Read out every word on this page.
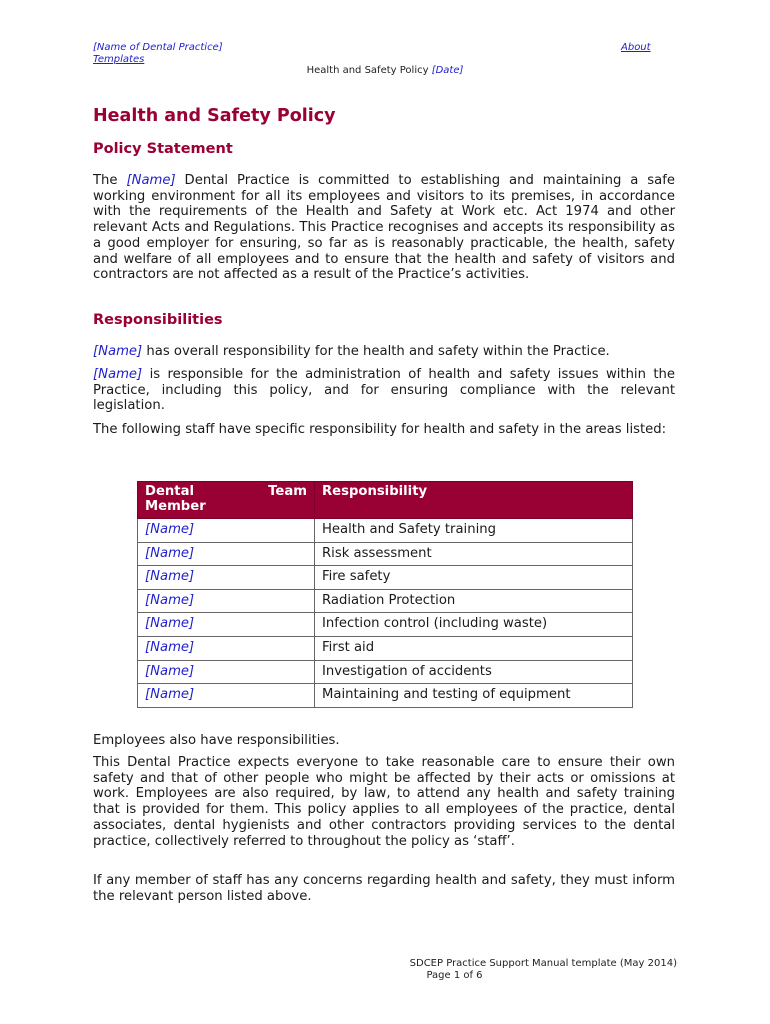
[Name of Dental Practice]
Templates
About
Health and Safety Policy [Date]
Health and Safety Policy
Policy Statement

The [Name] Dental Practice is committed to establishing and maintaining a safe working environment for all its employees and visitors to its premises, in accordance with the requirements of the Health and Safety at Work etc. Act 1974 and other relevant Acts and Regulations. This Practice recognises and accepts its responsibility as a good employer for ensuring, so far as is reasonably practicable, the health, safety and welfare of all employees and to ensure that the health and safety of visitors and contractors are not affected as a result of the Practice’s activities.

Responsibilities

[Name] has overall responsibility for the health and safety within the Practice.

[Name] is responsible for the administration of health and safety issues within the Practice, including this policy, and for ensuring compliance with the relevant legislation.

The following staff have specific responsibility for health and safety in the areas listed:

Dental Team
Member	Responsibility
[Name]	Health and Safety training
[Name]	Risk assessment
[Name]	Fire safety
[Name]	Radiation Protection
[Name]	Infection control (including waste)
[Name]	First aid
[Name]	Investigation of accidents
[Name]	Maintaining and testing of equipment

Employees also have responsibilities.

This Dental Practice expects everyone to take reasonable care to ensure their own safety and that of other people who might be affected by their acts or omissions at work. Employees are also required, by law, to attend any health and safety training that is provided for them. This policy applies to all employees of the practice, dental associates, dental hygienists and other contractors providing services to the dental practice, collectively referred to throughout the policy as ‘staff’.

If any member of staff has any concerns regarding health and safety, they must inform the relevant person listed above.

SDCEP Practice Support Manual template (May 2014)
Page 1 of 6
